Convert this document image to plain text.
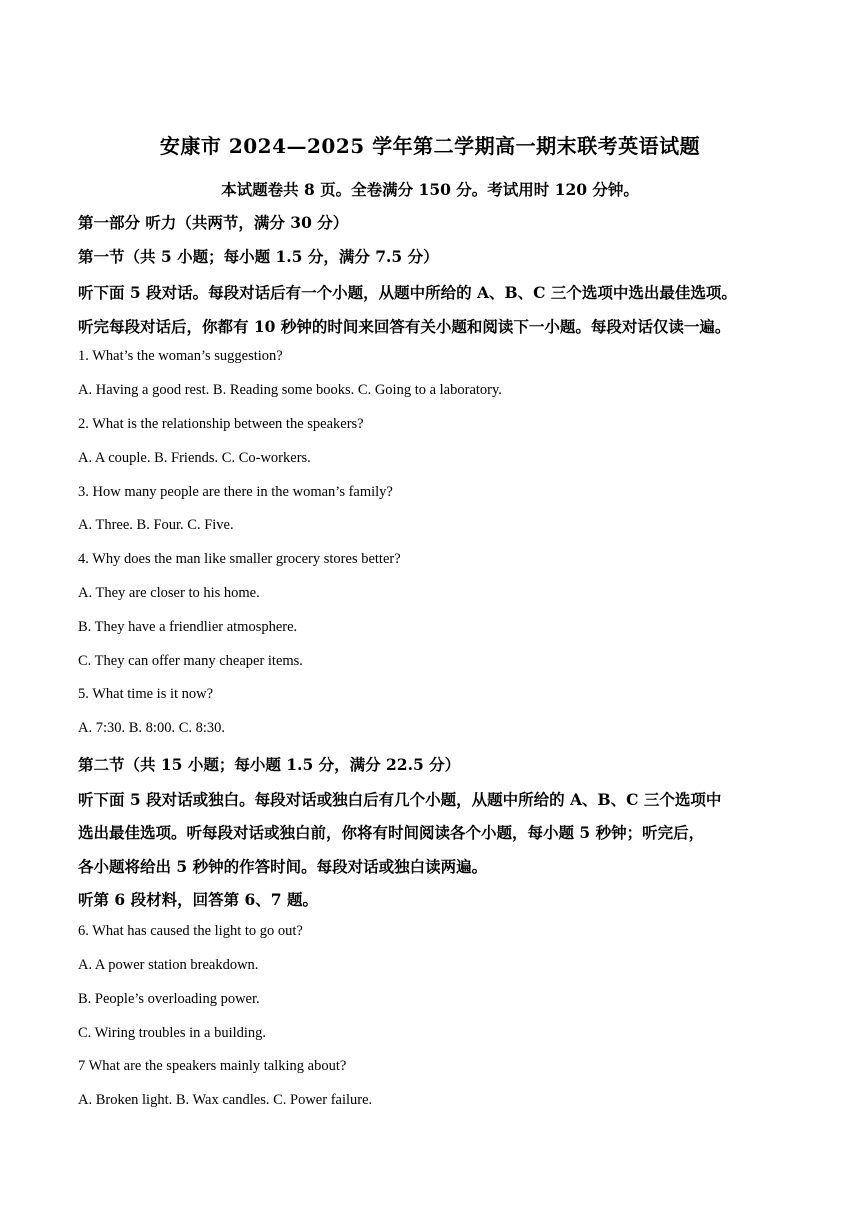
安康市 2024—2025 学年第二学期高一期末联考英语试题
本试题卷共 8 页。全卷满分 150 分。考试用时 120 分钟。
第一部分 听力（共两节，满分 30 分）
第一节（共 5 小题；每小题 1.5 分，满分 7.5 分）
听下面 5 段对话。每段对话后有一个小题，从题中所给的 A、B、C 三个选项中选出最佳选项。
听完每段对话后，你都有 10 秒钟的时间来回答有关小题和阅读下一小题。每段对话仅读一遍。
1. What’s the woman’s suggestion?
A. Having a good rest. B. Reading some books. C. Going to a laboratory.
2. What is the relationship between the speakers?
A. A couple. B. Friends. C. Co-workers.
3. How many people are there in the woman’s family?
A. Three. B. Four. C. Five.
4. Why does the man like smaller grocery stores better?
A. They are closer to his home.
B. They have a friendlier atmosphere.
C. They can offer many cheaper items.
5. What time is it now?
A. 7:30. B. 8:00. C. 8:30.
第二节（共 15 小题；每小题 1.5 分，满分 22.5 分）
听下面 5 段对话或独白。每段对话或独白后有几个小题，从题中所给的 A、B、C 三个选项中
选出最佳选项。听每段对话或独白前，你将有时间阅读各个小题，每小题 5 秒钟；听完后，
各小题将给出 5 秒钟的作答时间。每段对话或独白读两遍。
听第 6 段材料，回答第 6、7 题。
6. What has caused the light to go out?
A. A power station breakdown.
B. People’s overloading power.
C. Wiring troubles in a building.
7 What are the speakers mainly talking about?
A. Broken light. B. Wax candles. C. Power failure.
